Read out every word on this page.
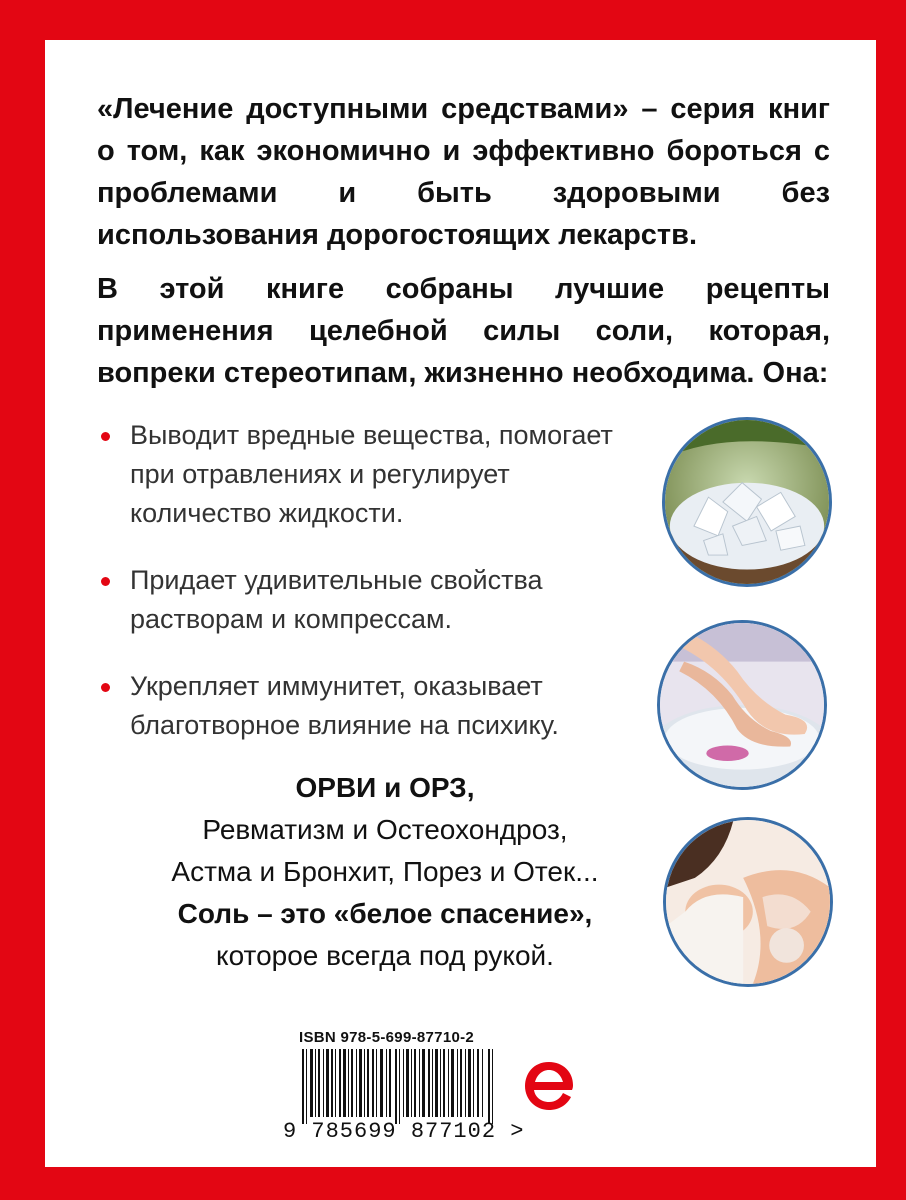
«Лечение доступными средствами» – серия книг о том, как экономично и эффективно бороться с проблемами и быть здоровыми без использования дорогостоящих лекарств.

В этой книге собраны лучшие рецепты применения целебной силы соли, которая, вопреки стереотипам, жизненно необходима. Она:

Выводит вредные вещества, помогает при отравлениях и регулирует количество жидкости.
Придает удивительные свойства растворам и компрессам.
Укрепляет иммунитет, оказывает благотворное влияние на психику.
ОРВИ и ОРЗ,
Ревматизм и Остеохондроз,
Астма и Бронхит, Порез и Отек...
Соль – это «белое спасение»,
которое всегда под рукой.
ISBN 978-5-699-87710-2
9 785699 877102 >
